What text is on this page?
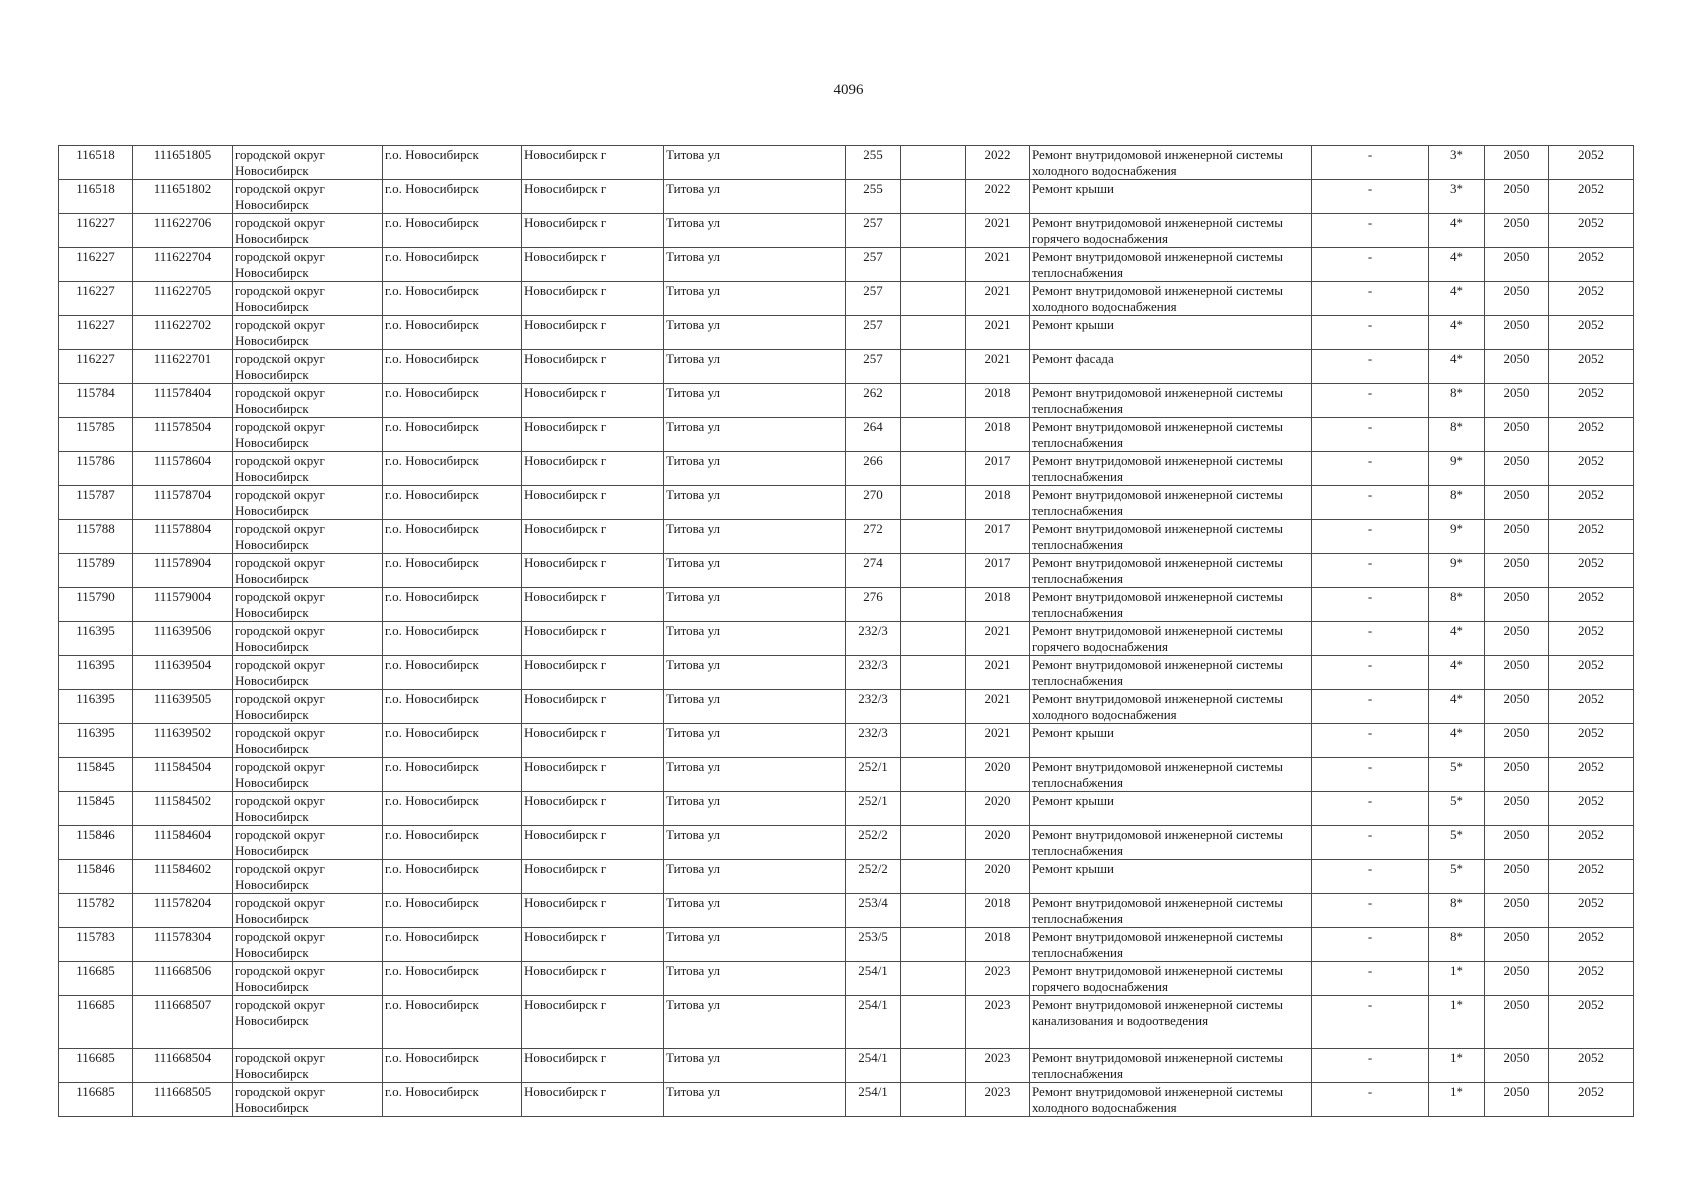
4096
116518	111651805	городской округ Новосибирск	г.о. Новосибирск	Новосибирск г	Титова ул	255		2022	Ремонт внутридомовой инженерной системы холодного водоснабжения	-	3*	2050	2052
116518	111651802	городской округ Новосибирск	г.о. Новосибирск	Новосибирск г	Титова ул	255		2022	Ремонт крыши	-	3*	2050	2052
116227	111622706	городской округ Новосибирск	г.о. Новосибирск	Новосибирск г	Титова ул	257		2021	Ремонт внутридомовой инженерной системы горячего водоснабжения	-	4*	2050	2052
116227	111622704	городской округ Новосибирск	г.о. Новосибирск	Новосибирск г	Титова ул	257		2021	Ремонт внутридомовой инженерной системы теплоснабжения	-	4*	2050	2052
116227	111622705	городской округ Новосибирск	г.о. Новосибирск	Новосибирск г	Титова ул	257		2021	Ремонт внутридомовой инженерной системы холодного водоснабжения	-	4*	2050	2052
116227	111622702	городской округ Новосибирск	г.о. Новосибирск	Новосибирск г	Титова ул	257		2021	Ремонт крыши	-	4*	2050	2052
116227	111622701	городской округ Новосибирск	г.о. Новосибирск	Новосибирск г	Титова ул	257		2021	Ремонт фасада	-	4*	2050	2052
115784	111578404	городской округ Новосибирск	г.о. Новосибирск	Новосибирск г	Титова ул	262		2018	Ремонт внутридомовой инженерной системы теплоснабжения	-	8*	2050	2052
115785	111578504	городской округ Новосибирск	г.о. Новосибирск	Новосибирск г	Титова ул	264		2018	Ремонт внутридомовой инженерной системы теплоснабжения	-	8*	2050	2052
115786	111578604	городской округ Новосибирск	г.о. Новосибирск	Новосибирск г	Титова ул	266		2017	Ремонт внутридомовой инженерной системы теплоснабжения	-	9*	2050	2052
115787	111578704	городской округ Новосибирск	г.о. Новосибирск	Новосибирск г	Титова ул	270		2018	Ремонт внутридомовой инженерной системы теплоснабжения	-	8*	2050	2052
115788	111578804	городской округ Новосибирск	г.о. Новосибирск	Новосибирск г	Титова ул	272		2017	Ремонт внутридомовой инженерной системы теплоснабжения	-	9*	2050	2052
115789	111578904	городской округ Новосибирск	г.о. Новосибирск	Новосибирск г	Титова ул	274		2017	Ремонт внутридомовой инженерной системы теплоснабжения	-	9*	2050	2052
115790	111579004	городской округ Новосибирск	г.о. Новосибирск	Новосибирск г	Титова ул	276		2018	Ремонт внутридомовой инженерной системы теплоснабжения	-	8*	2050	2052
116395	111639506	городской округ Новосибирск	г.о. Новосибирск	Новосибирск г	Титова ул	232/3		2021	Ремонт внутридомовой инженерной системы горячего водоснабжения	-	4*	2050	2052
116395	111639504	городской округ Новосибирск	г.о. Новосибирск	Новосибирск г	Титова ул	232/3		2021	Ремонт внутридомовой инженерной системы теплоснабжения	-	4*	2050	2052
116395	111639505	городской округ Новосибирск	г.о. Новосибирск	Новосибирск г	Титова ул	232/3		2021	Ремонт внутридомовой инженерной системы холодного водоснабжения	-	4*	2050	2052
116395	111639502	городской округ Новосибирск	г.о. Новосибирск	Новосибирск г	Титова ул	232/3		2021	Ремонт крыши	-	4*	2050	2052
115845	111584504	городской округ Новосибирск	г.о. Новосибирск	Новосибирск г	Титова ул	252/1		2020	Ремонт внутридомовой инженерной системы теплоснабжения	-	5*	2050	2052
115845	111584502	городской округ Новосибирск	г.о. Новосибирск	Новосибирск г	Титова ул	252/1		2020	Ремонт крыши	-	5*	2050	2052
115846	111584604	городской округ Новосибирск	г.о. Новосибирск	Новосибирск г	Титова ул	252/2		2020	Ремонт внутридомовой инженерной системы теплоснабжения	-	5*	2050	2052
115846	111584602	городской округ Новосибирск	г.о. Новосибирск	Новосибирск г	Титова ул	252/2		2020	Ремонт крыши	-	5*	2050	2052
115782	111578204	городской округ Новосибирск	г.о. Новосибирск	Новосибирск г	Титова ул	253/4		2018	Ремонт внутридомовой инженерной системы теплоснабжения	-	8*	2050	2052
115783	111578304	городской округ Новосибирск	г.о. Новосибирск	Новосибирск г	Титова ул	253/5		2018	Ремонт внутридомовой инженерной системы теплоснабжения	-	8*	2050	2052
116685	111668506	городской округ Новосибирск	г.о. Новосибирск	Новосибирск г	Титова ул	254/1		2023	Ремонт внутридомовой инженерной системы горячего водоснабжения	-	1*	2050	2052
116685	111668507	городской округ Новосибирск	г.о. Новосибирск	Новосибирск г	Титова ул	254/1		2023	Ремонт внутридомовой инженерной системы канализования и водоотведения	-	1*	2050	2052
116685	111668504	городской округ Новосибирск	г.о. Новосибирск	Новосибирск г	Титова ул	254/1		2023	Ремонт внутридомовой инженерной системы теплоснабжения	-	1*	2050	2052
116685	111668505	городской округ Новосибирск	г.о. Новосибирск	Новосибирск г	Титова ул	254/1		2023	Ремонт внутридомовой инженерной системы холодного водоснабжения	-	1*	2050	2052
